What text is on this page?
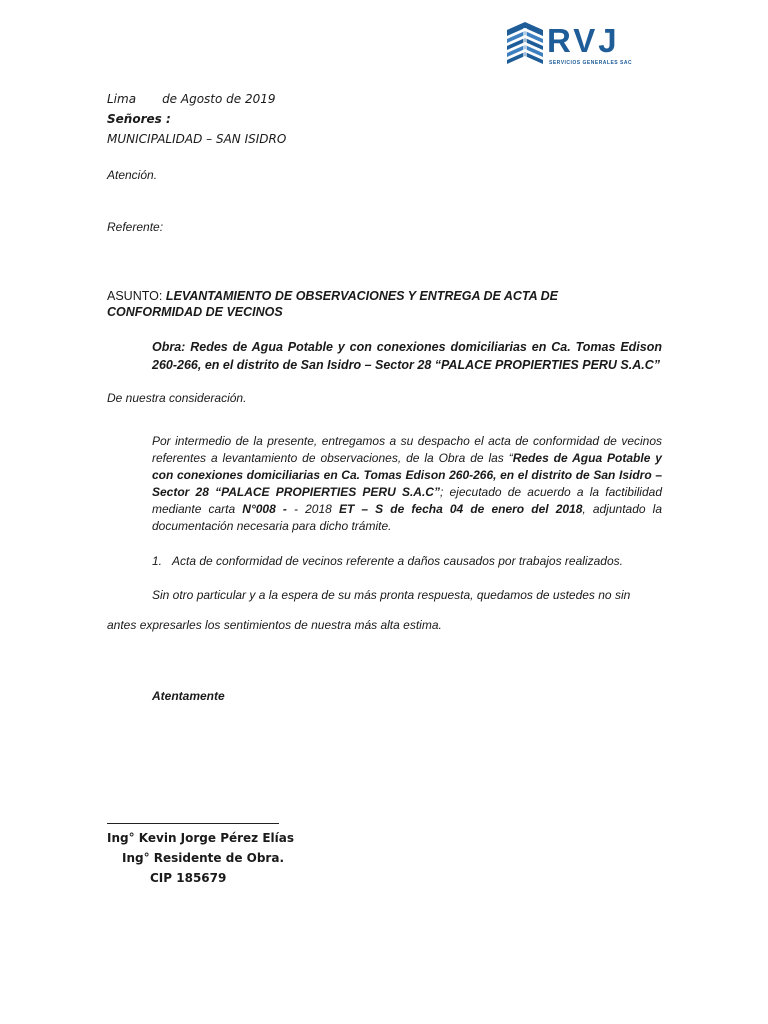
RVJ
SERVICIOS GENERALES SAC
Lima de Agosto de 2019
Señores :
MUNICIPALIDAD – SAN ISIDRO
Atención.
Referente:
ASUNTO: LEVANTAMIENTO DE OBSERVACIONES Y ENTREGA DE ACTA DE
CONFORMIDAD DE VECINOS
Obra: Redes de Agua Potable y con conexiones domiciliarias en Ca. Tomas Edison 260-266, en el distrito de San Isidro – Sector 28 “PALACE PROPIERTIES PERU S.A.C”
De nuestra consideración.
Por intermedio de la presente, entregamos a su despacho el acta de conformidad de vecinos referentes a levantamiento de observaciones, de la Obra de las “Redes de Agua Potable y con conexiones domiciliarias en Ca. Tomas Edison 260-266, en el distrito de San Isidro – Sector 28 “PALACE PROPIERTIES PERU S.A.C”; ejecutado de acuerdo a la factibilidad mediante carta N°008 - - 2018 ET – S de fecha 04 de enero del 2018, adjuntado la documentación necesaria para dicho trámite.
1. Acta de conformidad de vecinos referente a daños causados por trabajos realizados.
Sin otro particular y a la espera de su más pronta respuesta, quedamos de ustedes no sin
antes expresarles los sentimientos de nuestra más alta estima.
Atentamente
Ing° Kevin Jorge Pérez Elías
Ing° Residente de Obra.
CIP 185679
